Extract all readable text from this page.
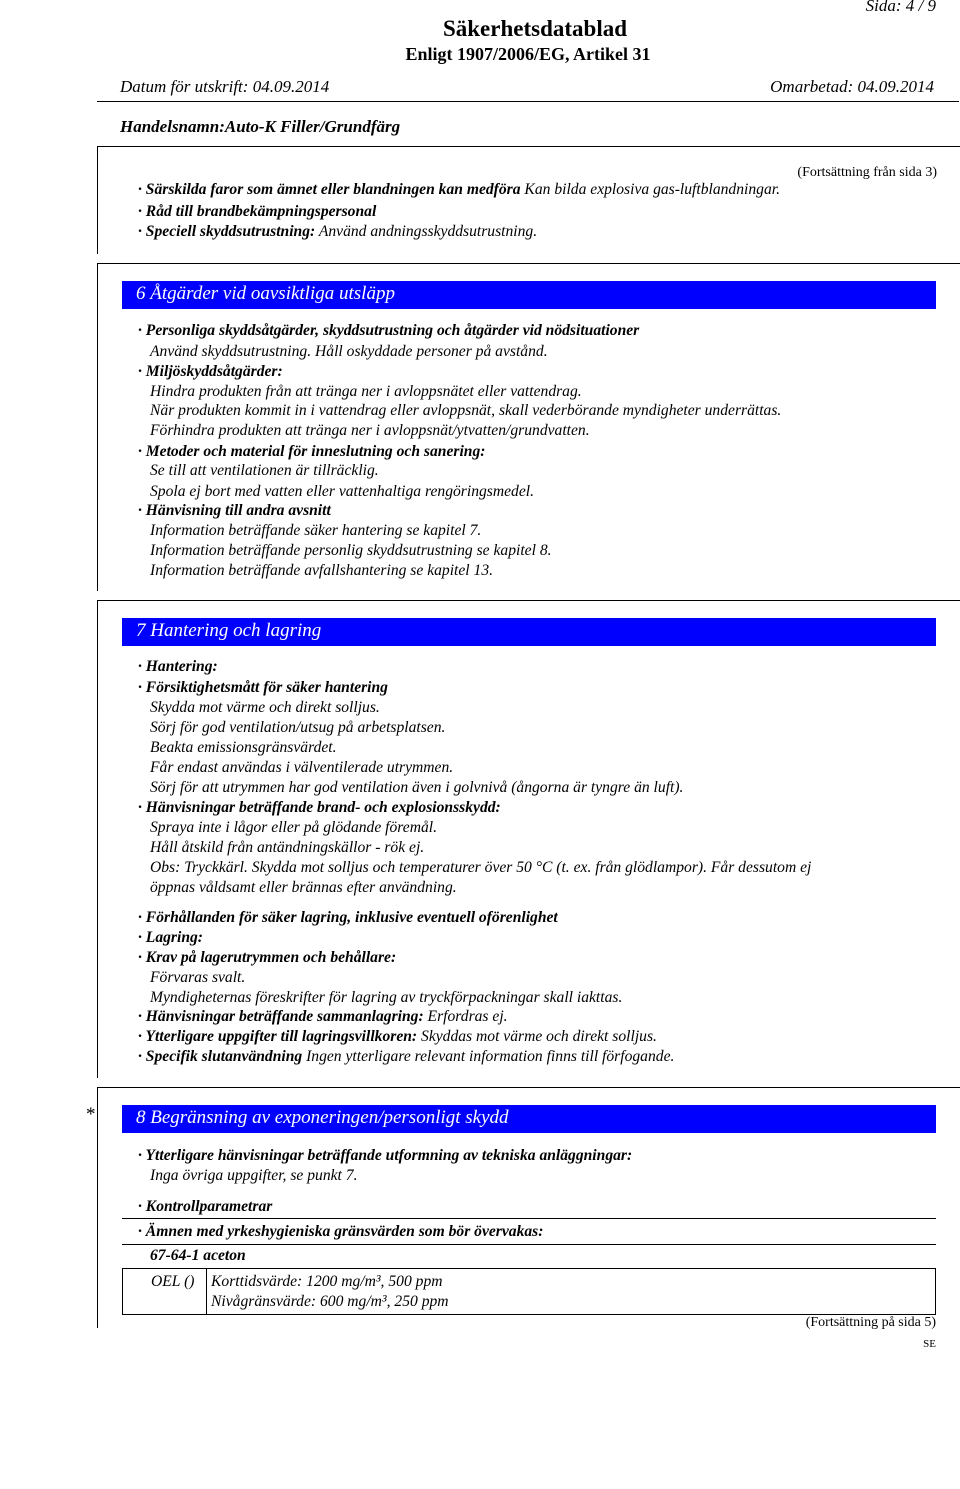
Sida: 4 / 9
Säkerhetsdatablad
Enligt 1907/2006/EG, Artikel 31
Datum för utskrift: 04.09.2014	Omarbetad: 04.09.2014
Handelsnamn:Auto-K Filler/Grundfärg
(Fortsättning från sida 3)
· Särskilda faror som ämnet eller blandningen kan medföra Kan bilda explosiva gas-luftblandningar.
· Råd till brandbekämpningspersonal
· Speciell skyddsutrustning: Använd andningsskyddsutrustning.
6 Åtgärder vid oavsiktliga utsläpp
· Personliga skyddsåtgärder, skyddsutrustning och åtgärder vid nödsituationer
Använd skyddsutrustning. Håll oskyddade personer på avstånd.
· Miljöskyddsåtgärder:
Hindra produkten från att tränga ner i avloppsnätet eller vattendrag.
När produkten kommit in i vattendrag eller avloppsnät, skall vederbörande myndigheter underrättas.
Förhindra produkten att tränga ner i avloppsnät/ytvatten/grundvatten.
· Metoder och material för inneslutning och sanering:
Se till att ventilationen är tillräcklig.
Spola ej bort med vatten eller vattenhaltiga rengöringsmedel.
· Hänvisning till andra avsnitt
Information beträffande säker hantering se kapitel 7.
Information beträffande personlig skyddsutrustning se kapitel 8.
Information beträffande avfallshantering se kapitel 13.
7 Hantering och lagring
· Hantering:
· Försiktighetsmått för säker hantering
Skydda mot värme och direkt solljus.
Sörj för god ventilation/utsug på arbetsplatsen.
Beakta emissionsgränsvärdet.
Får endast användas i välventilerade utrymmen.
Sörj för att utrymmen har god ventilation även i golvnivå (ångorna är tyngre än luft).
· Hänvisningar beträffande brand- och explosionsskydd:
Spraya inte i lågor eller på glödande föremål.
Håll åtskild från antändningskällor - rök ej.
Obs: Tryckkärl. Skydda mot solljus och temperaturer över 50 °C (t. ex. från glödlampor). Får dessutom ej
öppnas våldsamt eller brännas efter användning.
· Förhållanden för säker lagring, inklusive eventuell oförenlighet
· Lagring:
· Krav på lagerutrymmen och behållare:
Förvaras svalt.
Myndigheternas föreskrifter för lagring av tryckförpackningar skall iakttas.
· Hänvisningar beträffande sammanlagring: Erfordras ej.
· Ytterligare uppgifter till lagringsvillkoren: Skyddas mot värme och direkt solljus.
· Specifik slutanvändning Ingen ytterligare relevant information finns till förfogande.
* 8 Begränsning av exponeringen/personligt skydd
· Ytterligare hänvisningar beträffande utformning av tekniska anläggningar:
Inga övriga uppgifter, se punkt 7.
· Kontrollparametrar
· Ämnen med yrkeshygieniska gränsvärden som bör övervakas:
67-64-1 aceton
OEL () Korttidsvärde: 1200 mg/m³, 500 ppm
Nivågränsvärde: 600 mg/m³, 250 ppm
(Fortsättning på sida 5)
SE
